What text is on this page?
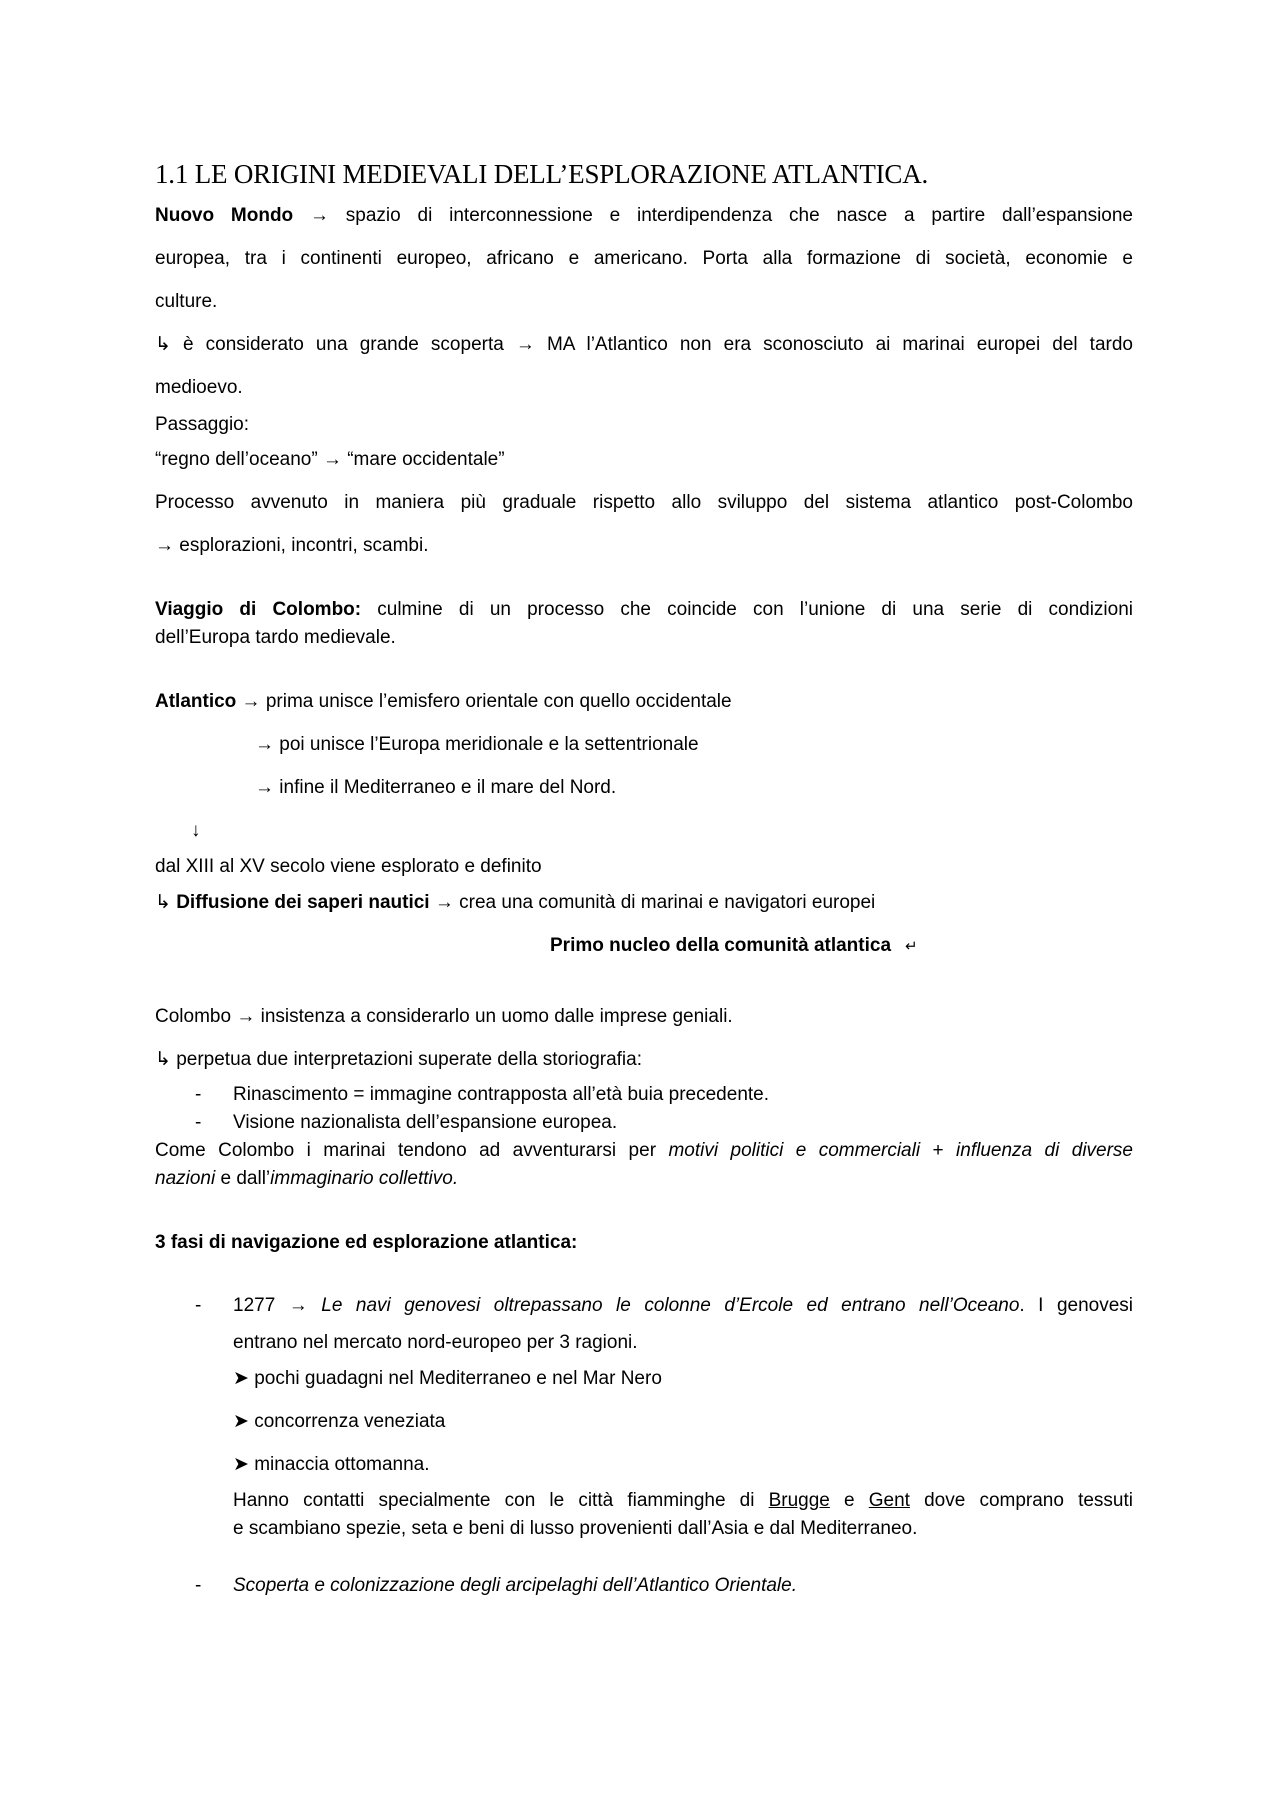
1.1 LE ORIGINI MEDIEVALI DELL’ESPLORAZIONE ATLANTICA.
Nuovo Mondo → spazio di interconnessione e interdipendenza che nasce a partire dall’espansione
europea, tra i continenti europeo, africano e americano. Porta alla formazione di società, economie e
culture.
↳ è considerato una grande scoperta → MA l’Atlantico non era sconosciuto ai marinai europei del tardo
medioevo.
Passaggio:
“regno dell’oceano” → “mare occidentale”
Processo avvenuto in maniera più graduale rispetto allo sviluppo del sistema atlantico post-Colombo
→ esplorazioni, incontri, scambi.
Viaggio di Colombo: culmine di un processo che coincide con l’unione di una serie di condizioni
dell’Europa tardo medievale.
Atlantico → prima unisce l’emisfero orientale con quello occidentale
→ poi unisce l’Europa meridionale e la settentrionale
→ infine il Mediterraneo e il mare del Nord.
↓
dal XIII al XV secolo viene esplorato e definito
↳ Diffusione dei saperi nautici → crea una comunità di marinai e navigatori europei
Primo nucleo della comunità atlantica ↵
Colombo → insistenza a considerarlo un uomo dalle imprese geniali.
↳ perpetua due interpretazioni superate della storiografia:
- Rinascimento = immagine contrapposta all’età buia precedente.
- Visione nazionalista dell’espansione europea.
Come Colombo i marinai tendono ad avventurarsi per motivi politici e commerciali + influenza di diverse
nazioni e dall’immaginario collettivo.
3 fasi di navigazione ed esplorazione atlantica:
- 1277 → Le navi genovesi oltrepassano le colonne d’Ercole ed entrano nell’Oceano. I genovesi
entrano nel mercato nord-europeo per 3 ragioni.
➤ pochi guadagni nel Mediterraneo e nel Mar Nero
➤ concorrenza veneziata
➤ minaccia ottomanna.
Hanno contatti specialmente con le città fiamminghe di Brugge e Gent dove comprano tessuti
e scambiano spezie, seta e beni di lusso provenienti dall’Asia e dal Mediterraneo.
- Scoperta e colonizzazione degli arcipelaghi dell’Atlantico Orientale.
